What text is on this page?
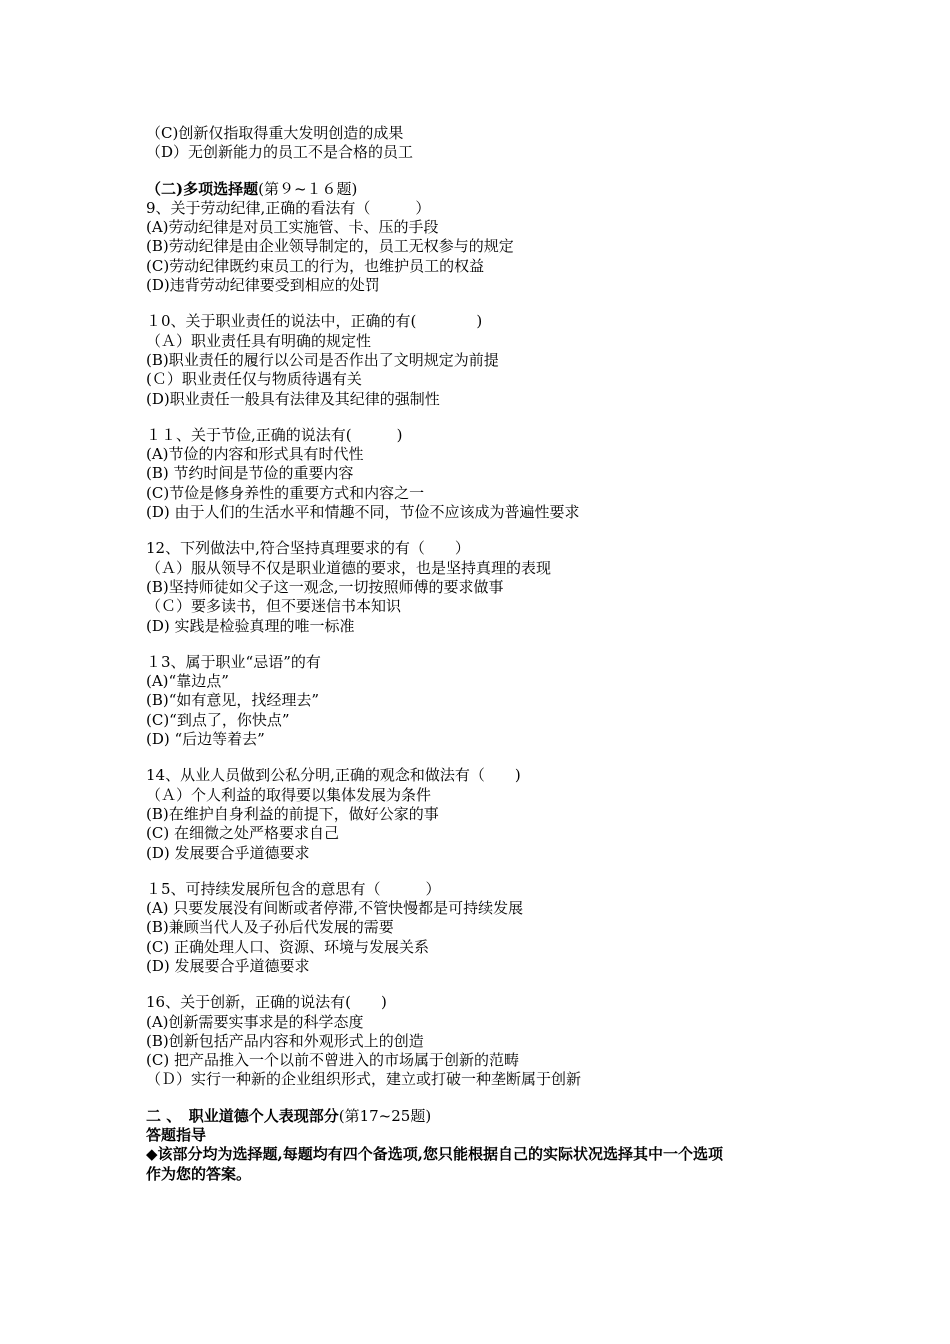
（C)创新仅指取得重大发明创造的成果
（D）无创新能力的员工不是合格的员工
（二)多项选择题(第９~１６题)
9、关于劳动纪律,正确的看法有（　　　）
(A)劳动纪律是对员工实施管、卡、压的手段
(B)劳动纪律是由企业领导制定的，员工无权参与的规定
(C)劳动纪律既约束员工的行为，也维护员工的权益
(D)违背劳动纪律要受到相应的处罚
１0、关于职业责任的说法中，正确的有(　　　　)
（Ａ）职业责任具有明确的规定性
(B)职业责任的履行以公司是否作出了文明规定为前提
(Ｃ）职业责任仅与物质待遇有关
(D)职业责任一般具有法律及其纪律的强制性
１１、关于节俭,正确的说法有(　　　)
(A)节俭的内容和形式具有时代性
(B) 节约时间是节俭的重要内容
(C)节俭是修身养性的重要方式和内容之一
(D) 由于人们的生活水平和情趣不同，节俭不应该成为普遍性要求
12、下列做法中,符合坚持真理要求的有（　　）
（Ａ）服从领导不仅是职业道德的要求，也是坚持真理的表现
(B)坚持师徒如父子这一观念,一切按照师傅的要求做事
（Ｃ）要多读书，但不要迷信书本知识
(D) 实践是检验真理的唯一标准
１3、属于职业“忌语”的有
(A)“靠边点”
(B)“如有意见，找经理去”
(C)“到点了，你快点”
(D) “后边等着去”
14、从业人员做到公私分明,正确的观念和做法有（　　)
（Ａ）个人利益的取得要以集体发展为条件
(B)在维护自身利益的前提下，做好公家的事
(C) 在细微之处严格要求自己
(D) 发展要合乎道德要求
１5、可持续发展所包含的意思有（　　　）
(A) 只要发展没有间断或者停滞,不管快慢都是可持续发展
(B)兼顾当代人及子孙后代发展的需要
(C) 正确处理人口、资源、环境与发展关系
(D) 发展要合乎道德要求
16、关于创新，正确的说法有(　　)
(A)创新需要实事求是的科学态度
(B)创新包括产品内容和外观形式上的创造
(C) 把产品推入一个以前不曾进入的市场属于创新的范畴
（Ｄ）实行一种新的企业组织形式，建立或打破一种垄断属于创新
二 、　职业道德个人表现部分(第17~25题)
答题指导
◆该部分均为选择题,每题均有四个备选项,您只能根据自己的实际状况选择其中一个选项
作为您的答案。
